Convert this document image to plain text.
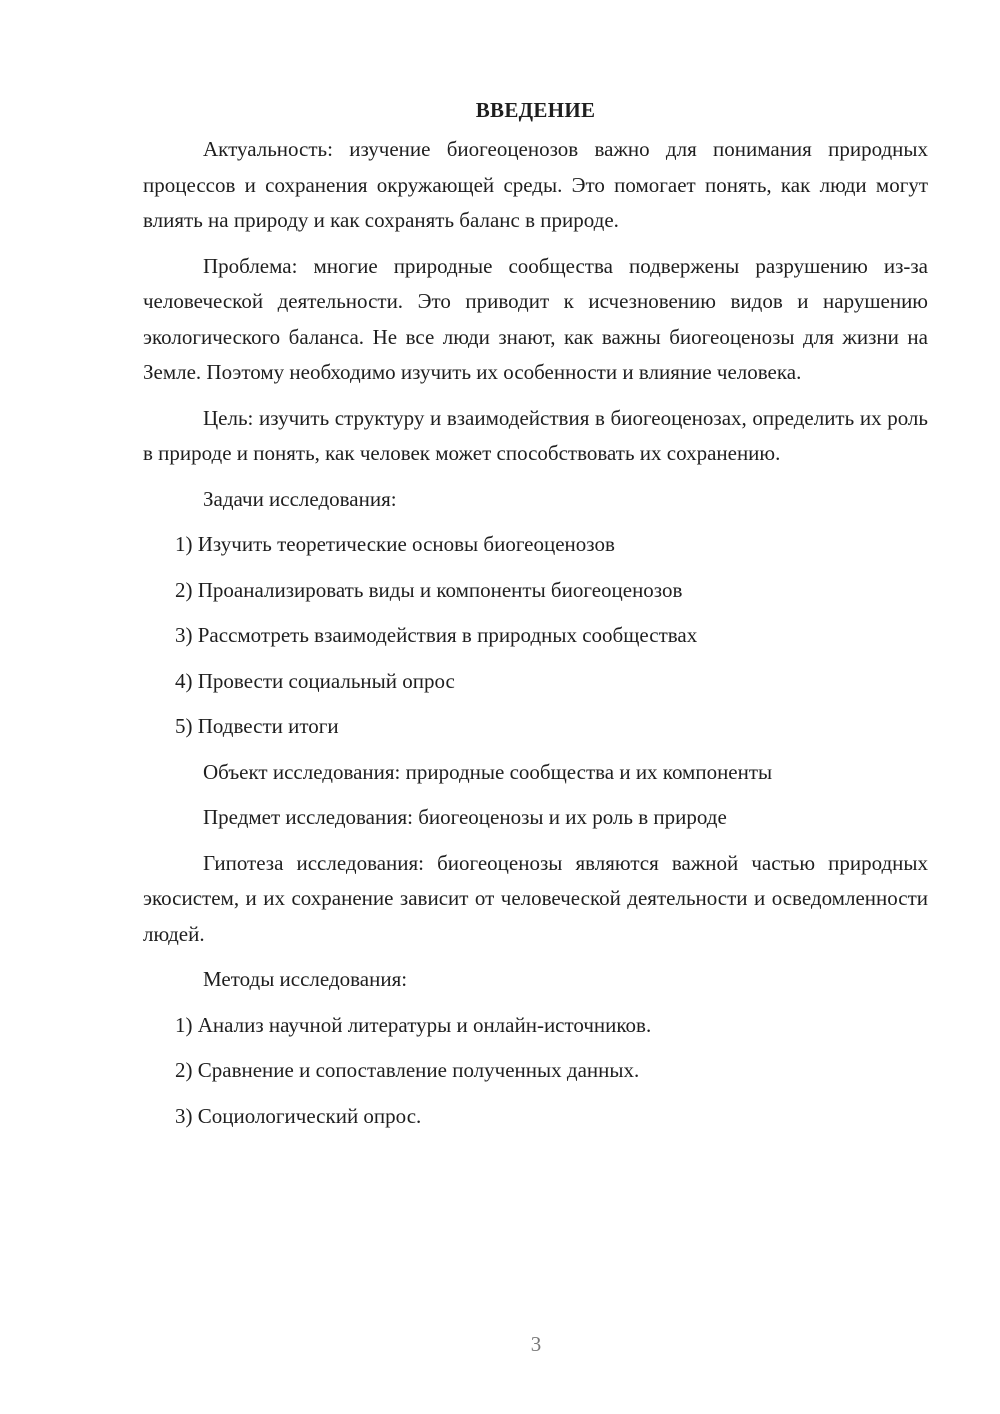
ВВЕДЕНИЕ

Актуальность: изучение биогеоценозов важно для понимания природных процессов и сохранения окружающей среды. Это помогает понять, как люди могут влиять на природу и как сохранять баланс в природе.

Проблема: многие природные сообщества подвержены разрушению из-за человеческой деятельности. Это приводит к исчезновению видов и нарушению экологического баланса. Не все люди знают, как важны биогеоценозы для жизни на Земле. Поэтому необходимо изучить их особенности и влияние человека.

Цель: изучить структуру и взаимодействия в биогеоценозах, определить их роль в природе и понять, как человек может способствовать их сохранению.

Задачи исследования:
1) Изучить теоретические основы биогеоценозов
2) Проанализировать виды и компоненты биогеоценозов
3) Рассмотреть взаимодействия в природных сообществах
4) Провести социальный опрос
5) Подвести итоги
Объект исследования: природные сообщества и их компоненты
Предмет исследования: биогеоценозы и их роль в природе

Гипотеза исследования: биогеоценозы являются важной частью природных экосистем, и их сохранение зависит от человеческой деятельности и осведомленности людей.

Методы исследования:
1) Анализ научной литературы и онлайн-источников.
2) Сравнение и сопоставление полученных данных.
3) Социологический опрос.
3
